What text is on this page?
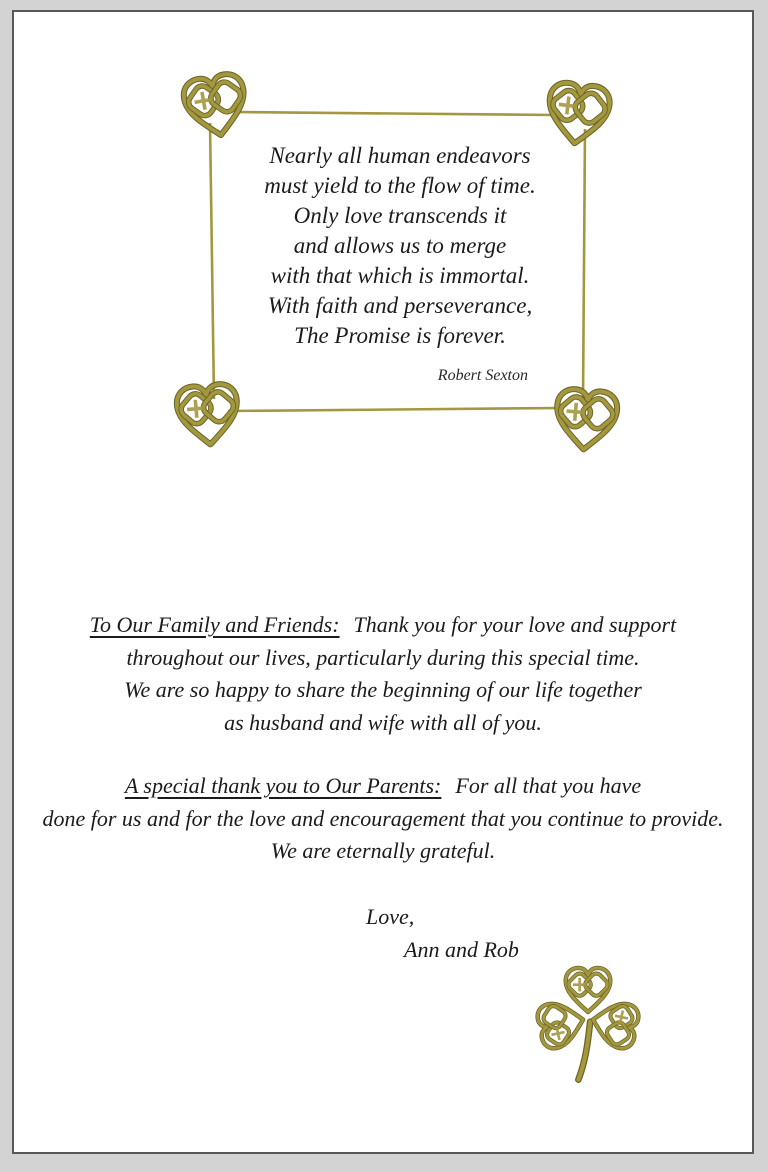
Nearly all human endeavors
must yield to the flow of time.
Only love transcends it
and allows us to merge
with that which is immortal.
With faith and perseverance,
The Promise is forever.
Robert Sexton
To Our Family and Friends: Thank you for your love and support
throughout our lives, particularly during this special time.
We are so happy to share the beginning of our life together
as husband and wife with all of you.
A special thank you to Our Parents: For all that you have
done for us and for the love and encouragement that you continue to provide.
We are eternally grateful.
Love,
Ann and Rob
